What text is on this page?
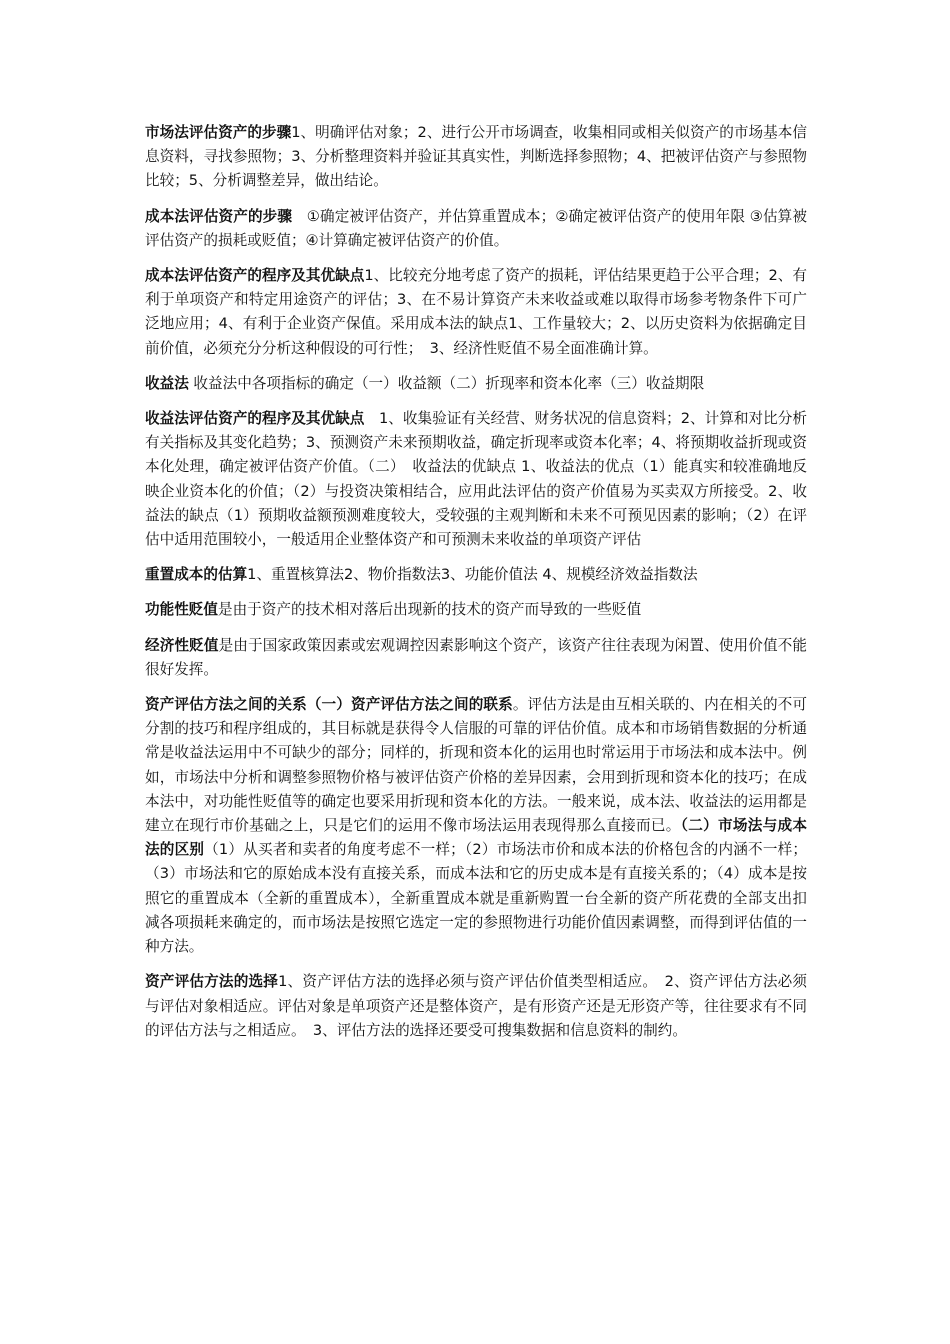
市场法评估资产的步骤1、明确评估对象；2、进行公开市场调查，收集相同或相关似资产的市场基本信息资料，寻找参照物；3、分析整理资料并验证其真实性，判断选择参照物；4、把被评估资产与参照物比较；5、分析调整差异，做出结论。

成本法评估资产的步骤　①确定被评估资产，并估算重置成本；②确定被评估资产的使用年限 ③估算被评估资产的损耗或贬值；④计算确定被评估资产的价值。

成本法评估资产的程序及其优缺点1、比较充分地考虑了资产的损耗，评估结果更趋于公平合理；2、有利于单项资产和特定用途资产的评估；3、在不易计算资产未来收益或难以取得市场参考物条件下可广泛地应用；4、有利于企业资产保值。采用成本法的缺点1、工作量较大；2、以历史资料为依据确定目前价值，必须充分分析这种假设的可行性；　3、经济性贬值不易全面准确计算。

收益法 收益法中各项指标的确定（一）收益额（二）折现率和资本化率（三）收益期限

收益法评估资产的程序及其优缺点　1、收集验证有关经营、财务状况的信息资料；2、计算和对比分析有关指标及其变化趋势；3、预测资产未来预期收益，确定折现率或资本化率；4、将预期收益折现或资本化处理，确定被评估资产价值。（二）　收益法的优缺点 1、收益法的优点（1）能真实和较准确地反映企业资本化的价值；（2）与投资决策相结合，应用此法评估的资产价值易为买卖双方所接受。2、收益法的缺点（1）预期收益额预测难度较大，受较强的主观判断和未来不可预见因素的影响；（2）在评估中适用范围较小，一般适用企业整体资产和可预测未来收益的单项资产评估

重置成本的估算1、重置核算法2、物价指数法3、功能价值法 4、规模经济效益指数法

功能性贬值是由于资产的技术相对落后出现新的技术的资产而导致的一些贬值

经济性贬值是由于国家政策因素或宏观调控因素影响这个资产，该资产往往表现为闲置、使用价值不能很好发挥。

资产评估方法之间的关系（一）资产评估方法之间的联系。评估方法是由互相关联的、内在相关的不可分割的技巧和程序组成的，其目标就是获得令人信服的可靠的评估价值。成本和市场销售数据的分析通常是收益法运用中不可缺少的部分；同样的，折现和资本化的运用也时常运用于市场法和成本法中。例如，市场法中分析和调整参照物价格与被评估资产价格的差异因素，会用到折现和资本化的技巧；在成本法中，对功能性贬值等的确定也要采用折现和资本化的方法。一般来说，成本法、收益法的运用都是建立在现行市价基础之上，只是它们的运用不像市场法运用表现得那么直接而已。（二）市场法与成本法的区别（1）从买者和卖者的角度考虑不一样；（2）市场法市价和成本法的价格包含的内涵不一样；（3）市场法和它的原始成本没有直接关系，而成本法和它的历史成本是有直接关系的；（4）成本是按照它的重置成本（全新的重置成本），全新重置成本就是重新购置一台全新的资产所花费的全部支出扣减各项损耗来确定的，而市场法是按照它选定一定的参照物进行功能价值因素调整，而得到评估值的一种方法。

资产评估方法的选择1、资产评估方法的选择必须与资产评估价值类型相适应。　2、资产评估方法必须与评估对象相适应。评估对象是单项资产还是整体资产，是有形资产还是无形资产等，往往要求有不同的评估方法与之相适应。　3、评估方法的选择还要受可搜集数据和信息资料的制约。
